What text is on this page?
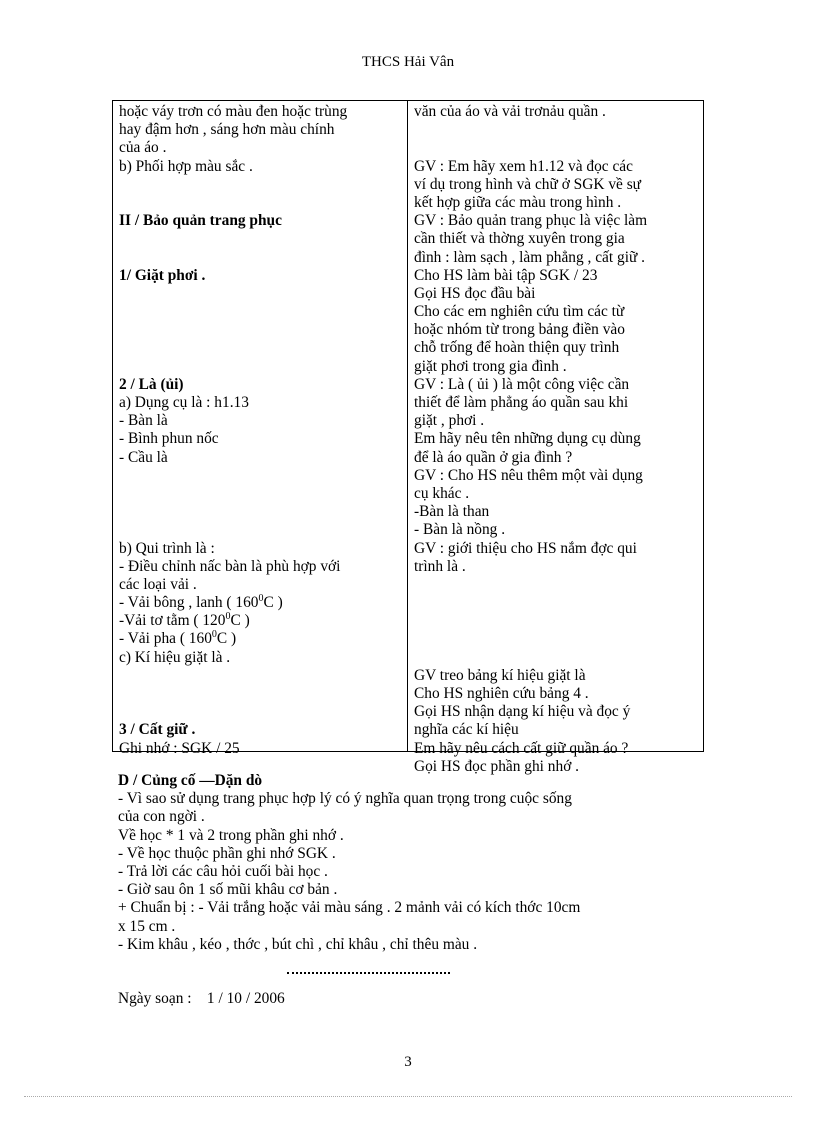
THCS Hải Vân
hoặc váy trơn có màu đen hoặc trùng
hay đậm hơn , sáng hơn màu chính
của áo .
b) Phối hợp màu sắc .
II / Bảo quản trang phục
1/ Giặt phơi .
2 / Là (ủi)
a) Dụng cụ là : h1.13
- Bàn là
- Bình phun nốc
- Cầu là
b) Qui trình là :
- Điều chỉnh nấc bàn là phù hợp với
các loại vải .
- Vải bông , lanh ( $160^0C$ )
-Vải tơ tằm ( $120^0C$ )
- Vải pha ( $160^0C$ )
c) Kí hiệu giặt là .
3 / Cất giữ .
Ghi nhớ : SGK / 25
văn của áo và vải trơnảu quần .
GV : Em hãy xem h1.12 và đọc các
ví dụ trong hình và chữ ở SGK về sự
kết hợp giữa các màu trong hình .
GV : Bảo quản trang phục là việc làm
cần thiết và thờng xuyên trong gia
đình : làm sạch , làm phẳng , cất giữ .
Cho HS làm bài tập SGK / 23
Gọi HS đọc đầu bài
Cho các em nghiên cứu tìm các từ
hoặc nhóm từ trong bảng điền vào
chỗ trống để hoàn thiện quy trình
giặt phơi trong gia đình .
GV : Là ( ủi ) là một công việc cần
thiết để làm phẳng áo quần sau khi
giặt , phơi .
Em hãy nêu tên những dụng cụ dùng
để là áo quần ở gia đình ?
GV : Cho HS nêu thêm một vài dụng
cụ khác .
-Bàn là than
- Bàn là nồng .
GV : giới thiệu cho HS nắm đợc qui
trình là .
GV treo bảng kí hiệu giặt là
Cho HS nghiên cứu bảng 4 .
Gọi HS nhận dạng kí hiệu và đọc ý
nghĩa các kí hiệu
Em hãy nêu cách cất giữ quần áo ?
Gọi HS đọc phần ghi nhớ .
D / Củng cố —Dặn dò
- Vì sao sử dụng trang phục hợp lý có ý nghĩa quan trọng trong cuộc sống
của con ngời .
Về học * 1 và 2 trong phần ghi nhớ .
- Về học thuộc phần ghi nhớ SGK .
- Trả lời các câu hỏi cuối bài học .
- Giờ sau ôn 1 số mũi khâu cơ bản .
+ Chuẩn bị : - Vải trắng hoặc vải màu sáng . 2 mảnh vải có kích thớc 10cm
x 15 cm .
- Kim khâu , kéo , thớc , bút chì , chỉ khâu , chỉ thêu màu .
Ngày soạn :    1 / 10 / 2006
3
